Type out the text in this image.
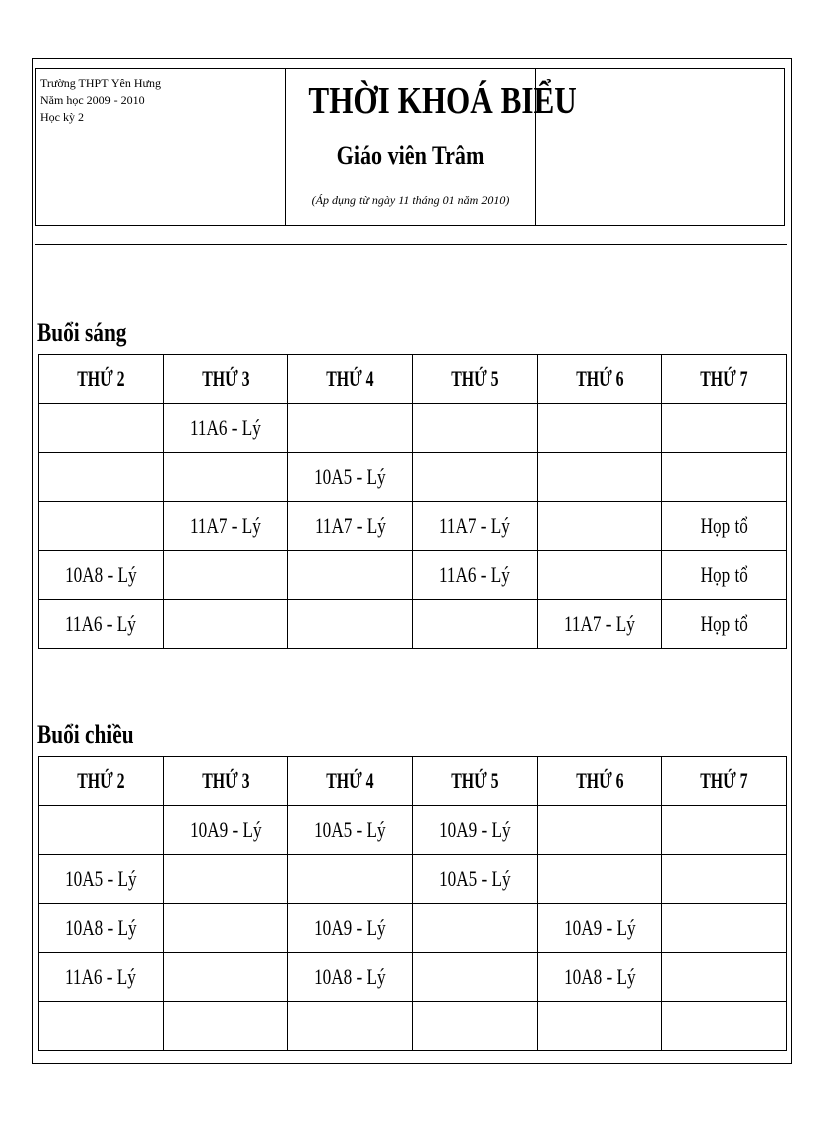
Trường THPT Yên Hưng
Năm học 2009 - 2010
Học kỳ 2	THỜI KHOÁ BIỂU
Giáo viên Trâm
(Áp dụng từ ngày 11 tháng 01 năm 2010)
Buổi sáng
THỨ 2	THỨ 3	THỨ 4	THỨ 5	THỨ 6	THỨ 7
	11A6 - Lý				
		10A5 - Lý			
	11A7 - Lý	11A7 - Lý	11A7 - Lý		Họp tổ
10A8 - Lý			11A6 - Lý		Họp tổ
11A6 - Lý				11A7 - Lý	Họp tổ
Buổi chiều
THỨ 2	THỨ 3	THỨ 4	THỨ 5	THỨ 6	THỨ 7
	10A9 - Lý	10A5 - Lý	10A9 - Lý		
10A5 - Lý			10A5 - Lý		
10A8 - Lý		10A9 - Lý		10A9 - Lý	
11A6 - Lý		10A8 - Lý		10A8 - Lý	
